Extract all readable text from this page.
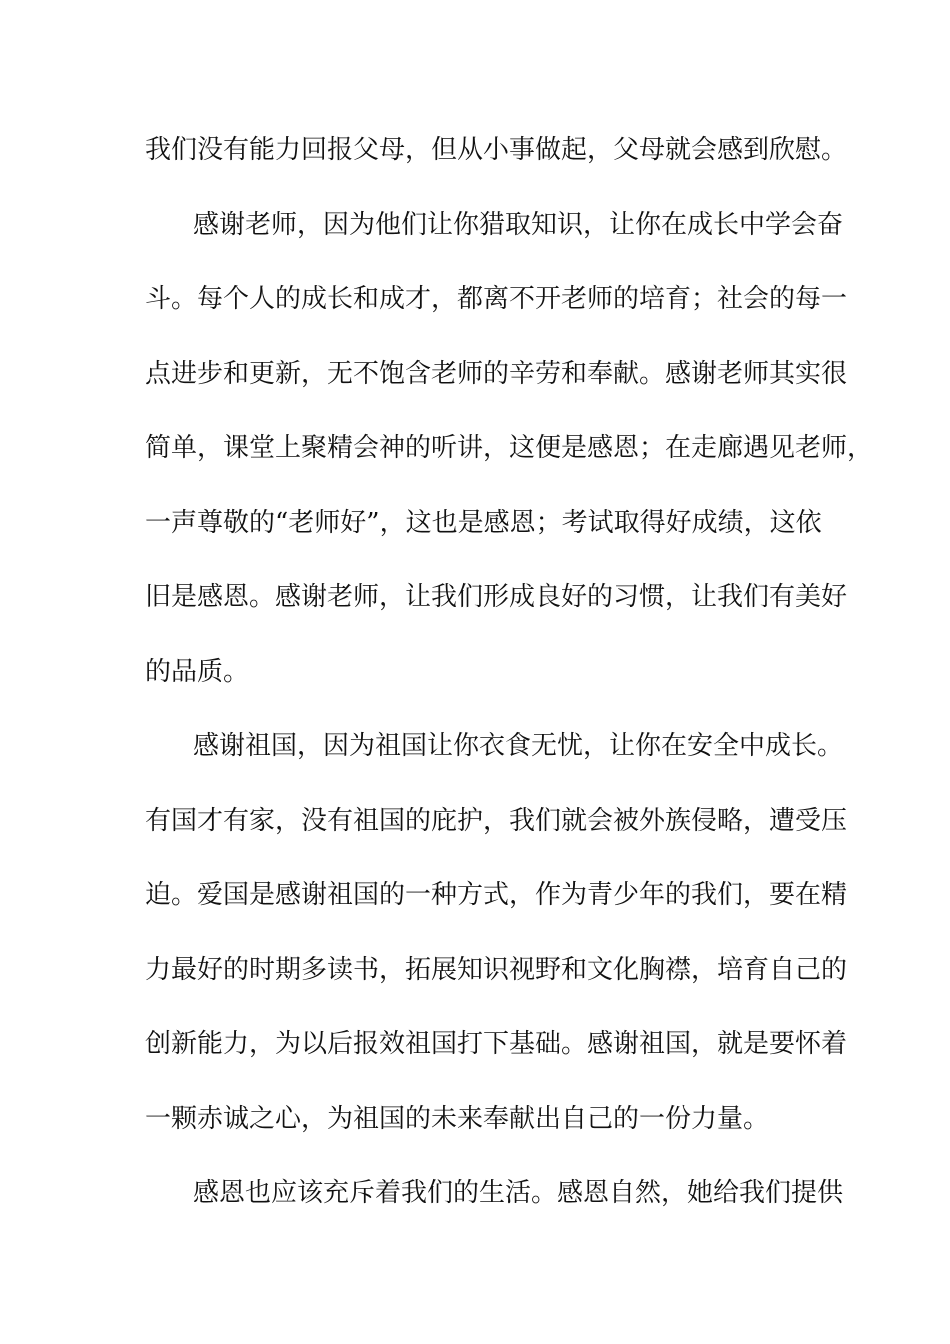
我们没有能力回报父母，但从小事做起，父母就会感到欣慰。
感谢老师，因为他们让你猎取知识，让你在成长中学会奋
斗。每个人的成长和成才，都离不开老师的培育；社会的每一
点进步和更新，无不饱含老师的辛劳和奉献。感谢老师其实很
简单，课堂上聚精会神的听讲，这便是感恩；在走廊遇见老师，
一声尊敬的“老师好”，这也是感恩；考试取得好成绩，这依
旧是感恩。感谢老师，让我们形成良好的习惯，让我们有美好
的品质。
感谢祖国，因为祖国让你衣食无忧，让你在安全中成长。
有国才有家，没有祖国的庇护，我们就会被外族侵略，遭受压
迫。爱国是感谢祖国的一种方式，作为青少年的我们，要在精
力最好的时期多读书，拓展知识视野和文化胸襟，培育自己的
创新能力，为以后报效祖国打下基础。感谢祖国，就是要怀着
一颗赤诚之心，为祖国的未来奉献出自己的一份力量。
感恩也应该充斥着我们的生活。感恩自然，她给我们提供
